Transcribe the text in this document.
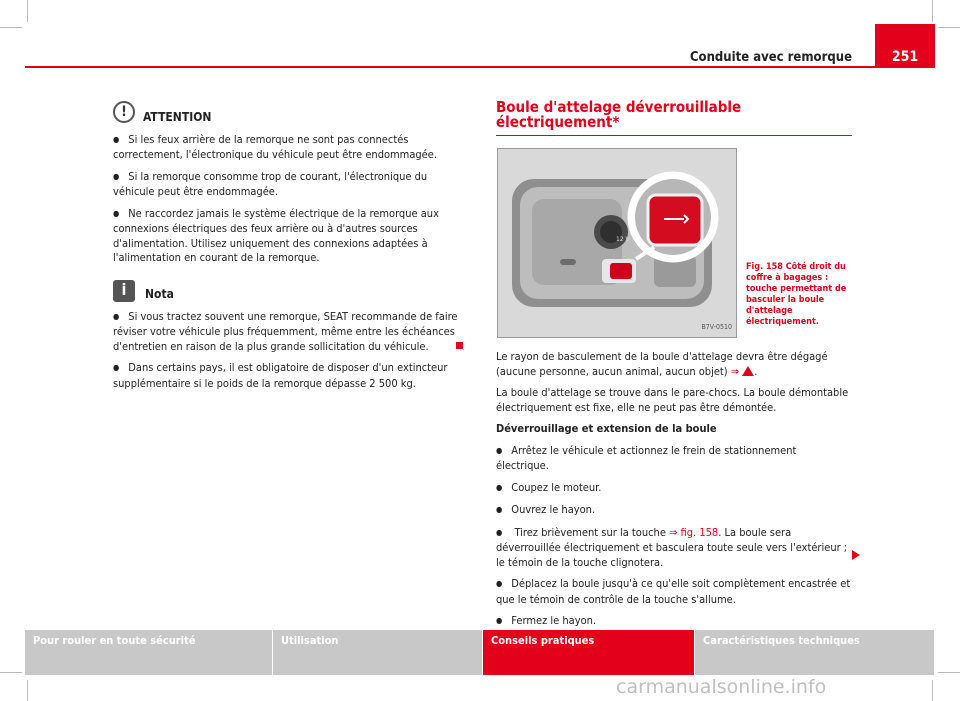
251
Conduite avec remorque
!	ATTENTION

● Si les feux arrière de la remorque ne sont pas connectés correctement, l'électronique du véhicule peut être endommagée.

● Si la remorque consomme trop de courant, l'électronique du véhicule peut être endommagée.

● Ne raccordez jamais le système électrique de la remorque aux connexions électriques des feux arrière ou à d'autres sources d'alimentation. Utilisez uniquement des connexions adaptées à l'alimentation en courant de la remorque.

i	Nota

● Si vous tractez souvent une remorque, SEAT recommande de faire réviser votre véhicule plus fréquemment, même entre les échéances d'entretien en raison de la plus grande sollicitation du véhicule.

● Dans certains pays, il est obligatoire de disposer d'un extincteur supplémentaire si le poids de la remorque dépasse 2 500 kg.

Boule d'attelage déverrouillable électriquement*
12 V
B7V-0510

Le rayon de basculement de la boule d'attelage devra être dégagé (aucune personne, aucun animal, aucun objet) ⇒ .

La boule d'attelage se trouve dans le pare-chocs. La boule démontable électriquement est fixe, elle ne peut pas être démontée.

Déverrouillage et extension de la boule

● Arrêtez le véhicule et actionnez le frein de stationnement électrique.

● Coupez le moteur.

● Ouvrez le hayon.

● Tirez brièvement sur la touche ⇒ fig. 158. La boule sera déverrouillée électriquement et basculera toute seule vers l'extérieur ; le témoin de la touche clignotera.

● Déplacez la boule jusqu'à ce qu'elle soit complètement encastrée et que le témoin de contrôle de la touche s'allume.

● Fermez le hayon.

Fig. 158 Côté droit du coffre à bagages : touche permettant de basculer la boule d'attelage électriquement.
Pour rouler en toute sécurité	Utilisation	Conseils pratiques	Caractéristiques techniques
carmanualsonline.info
